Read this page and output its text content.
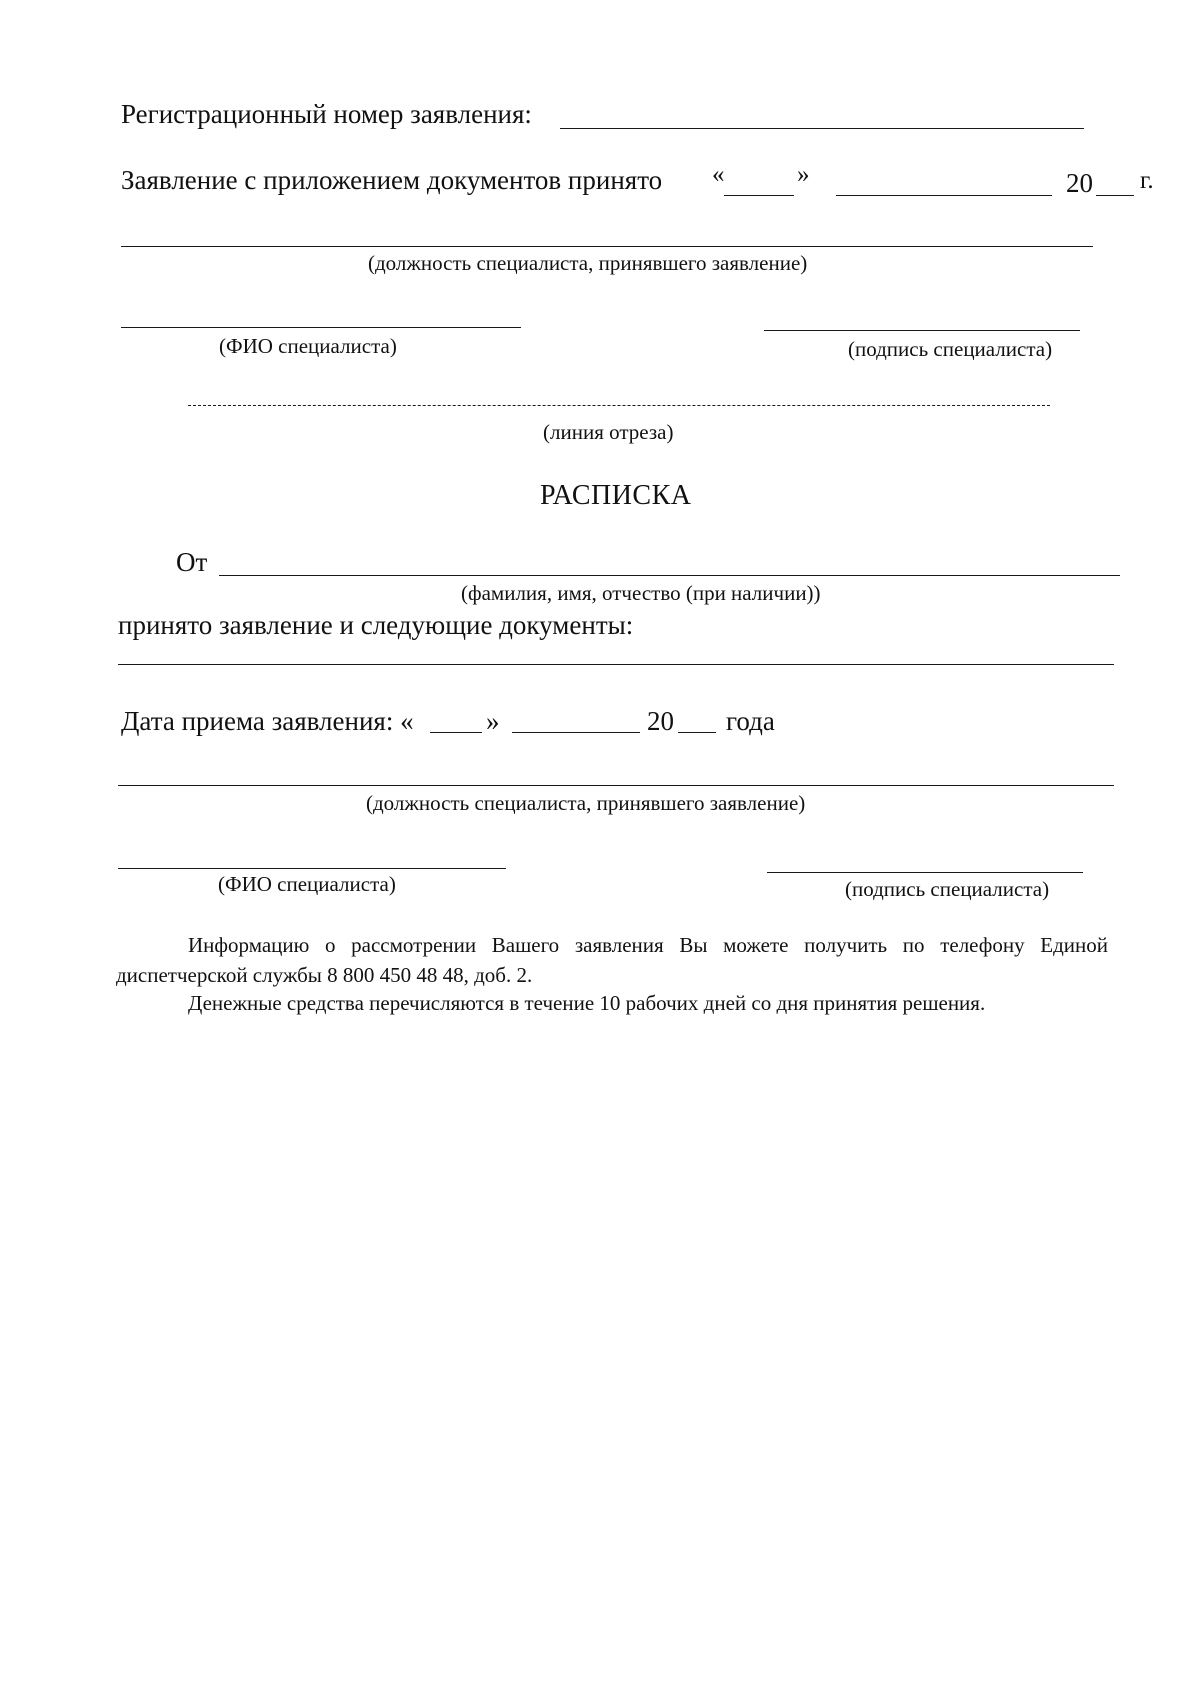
Регистрационный номер заявления:
Заявление с приложением документов принято «	»	20 г.
(должность специалиста, принявшего заявление)
(ФИО специалиста)	(подпись специалиста)
(линия отреза)
РАСПИСКА
От
(фамилия, имя, отчество (при наличии))
принято заявление и следующие документы:
Дата приема заявления: «	»	20 года
(должность специалиста, принявшего заявление)
(ФИО специалиста)	(подпись специалиста)
Информацию о рассмотрении Вашего заявления Вы можете получить по телефону Единой диспетчерской службы 8 800 450 48 48, доб. 2.
Денежные средства перечисляются в течение 10 рабочих дней со дня принятия решения.
